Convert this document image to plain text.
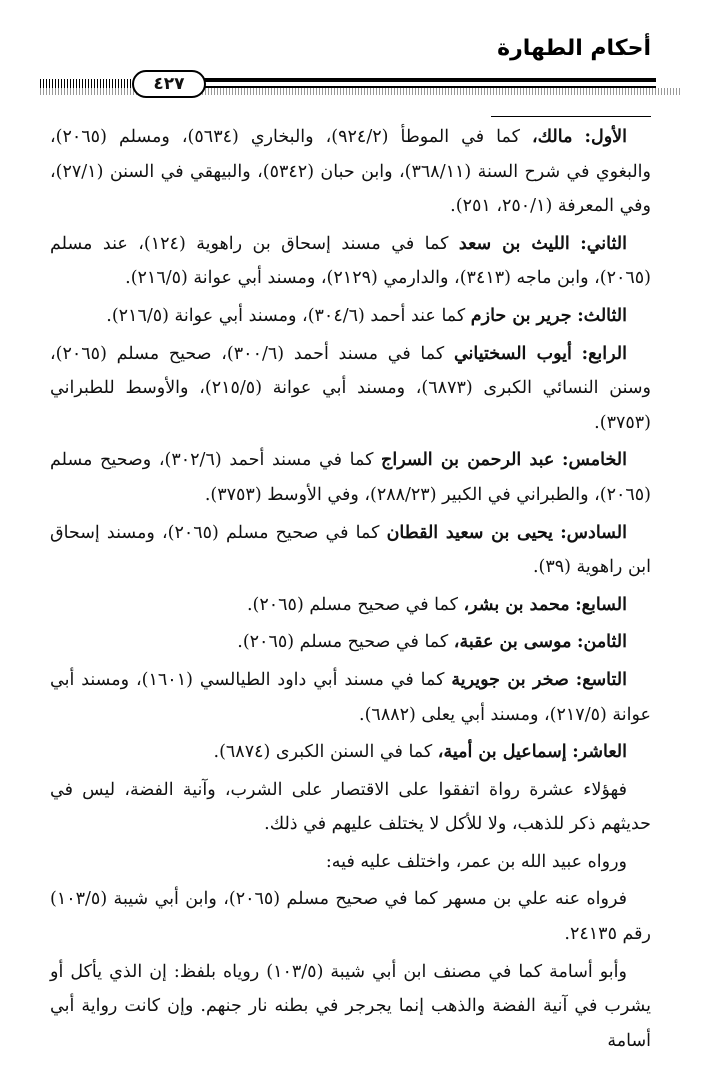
أحكام الطهارة
٤٢٧

الأول: مالك، كما في الموطأ (٩٢٤/٢)، والبخاري (٥٦٣٤)، ومسلم (٢٠٦٥)، والبغوي في شرح السنة (٣٦٨/١١)، وابن حبان (٥٣٤٢)، والبيهقي في السنن (٢٧/١)، وفي المعرفة (٢٥٠/١، ٢٥١).

الثاني: الليث بن سعد كما في مسند إسحاق بن راهوية (١٢٤)، عند مسلم (٢٠٦٥)، وابن ماجه (٣٤١٣)، والدارمي (٢١٢٩)، ومسند أبي عوانة (٢١٦/٥).

الثالث: جرير بن حازم كما عند أحمد (٣٠٤/٦)، ومسند أبي عوانة (٢١٦/٥).

الرابع: أيوب السختياني كما في مسند أحمد (٣٠٠/٦)، صحيح مسلم (٢٠٦٥)، وسنن النسائي الكبرى (٦٨٧٣)، ومسند أبي عوانة (٢١٥/٥)، والأوسط للطبراني (٣٧٥٣).

الخامس: عبد الرحمن بن السراج كما في مسند أحمد (٣٠٢/٦)، وصحيح مسلم (٢٠٦٥)، والطبراني في الكبير (٢٨٨/٢٣)، وفي الأوسط (٣٧٥٣).

السادس: يحيى بن سعيد القطان كما في صحيح مسلم (٢٠٦٥)، ومسند إسحاق ابن راهوية (٣٩).

السابع: محمد بن بشر، كما في صحيح مسلم (٢٠٦٥).

الثامن: موسى بن عقبة، كما في صحيح مسلم (٢٠٦٥).

التاسع: صخر بن جويرية كما في مسند أبي داود الطيالسي (١٦٠١)، ومسند أبي عوانة (٢١٧/٥)، ومسند أبي يعلى (٦٨٨٢).

العاشر: إسماعيل بن أمية، كما في السنن الكبرى (٦٨٧٤).

فهؤلاء عشرة رواة اتفقوا على الاقتصار على الشرب، وآنية الفضة، ليس في حديثهم ذكر للذهب، ولا للأكل لا يختلف عليهم في ذلك.

ورواه عبيد الله بن عمر، واختلف عليه فيه:

فرواه عنه علي بن مسهر كما في صحيح مسلم (٢٠٦٥)، وابن أبي شيبة (١٠٣/٥) رقم ٢٤١٣٥.

وأبو أسامة كما في مصنف ابن أبي شيبة (١٠٣/٥) روياه بلفظ: إن الذي يأكل أو يشرب في آنية الفضة والذهب إنما يجرجر في بطنه نار جنهم. وإن كانت رواية أبي أسامة
